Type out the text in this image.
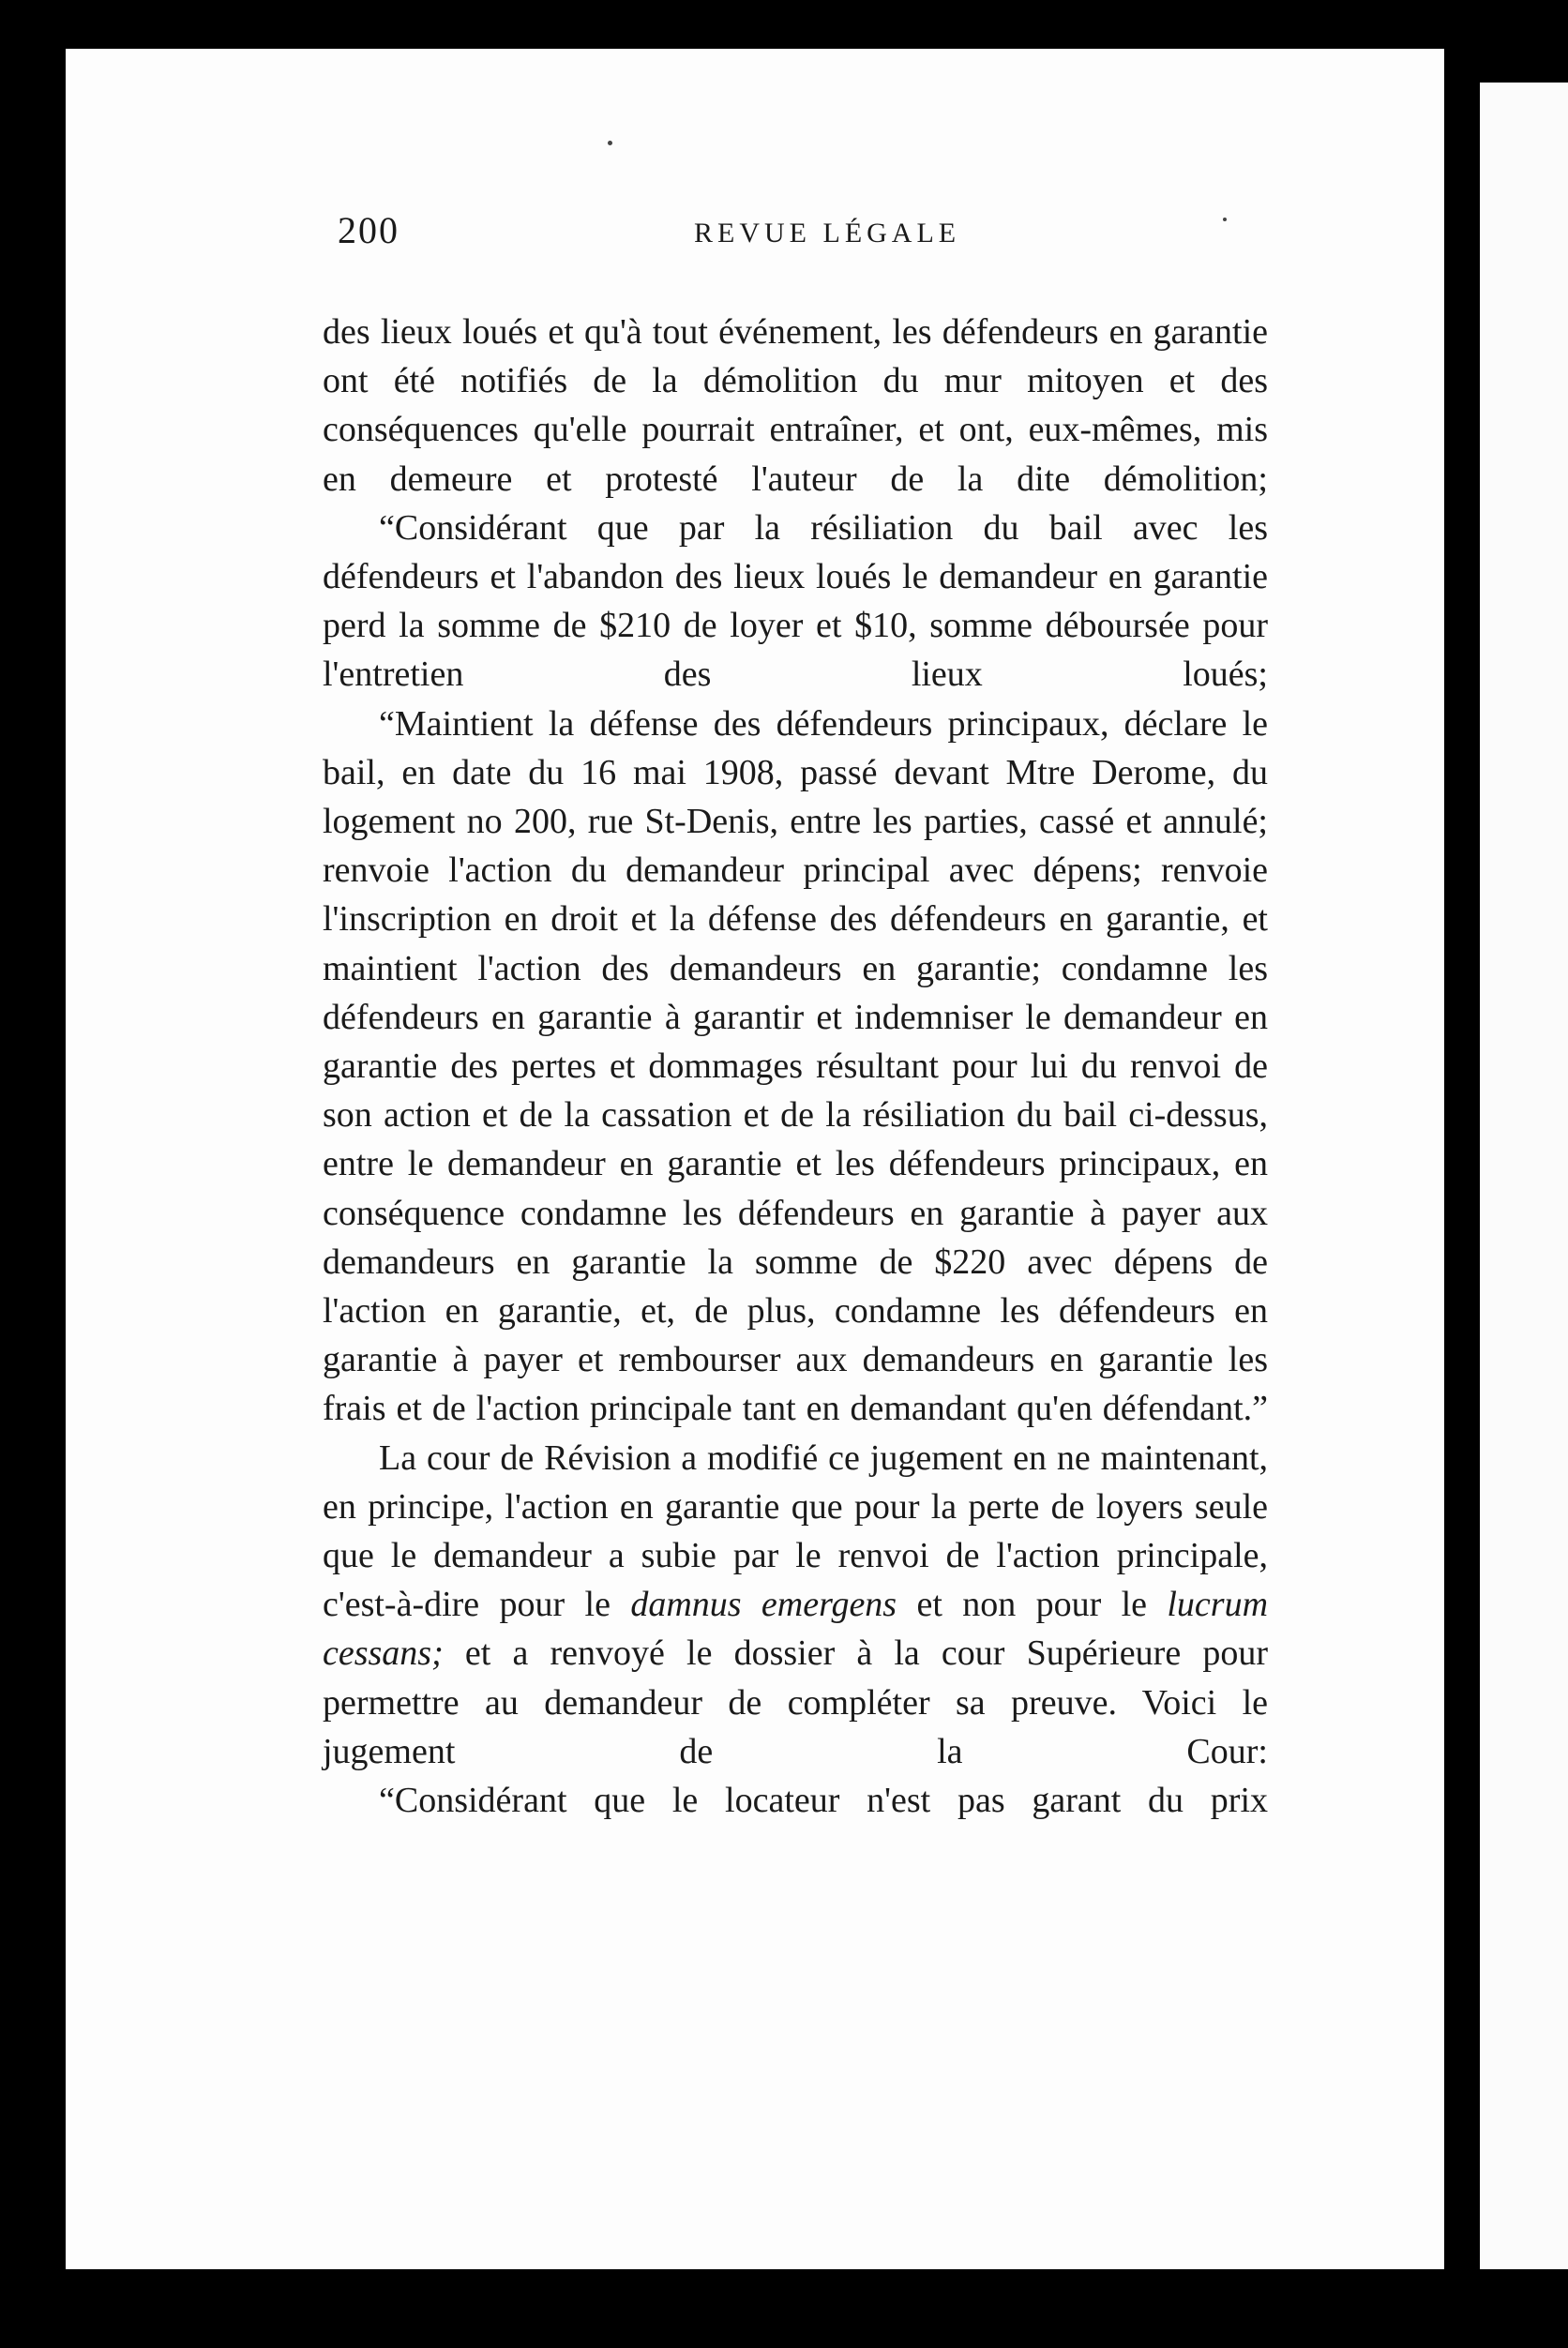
200	REVUE LÉGALE

des lieux loués et qu'à tout événement, les défendeurs en garantie ont été notifiés de la démolition du mur mitoyen et des conséquences qu'elle pourrait entraîner, et ont, eux-mêmes, mis en demeure et protesté l'auteur de la dite démolition;

“Considérant que par la résiliation du bail avec les défendeurs et l'abandon des lieux loués le demandeur en garantie perd la somme de $210 de loyer et $10, somme déboursée pour l'entretien des lieux loués;

“Maintient la défense des défendeurs principaux, déclare le bail, en date du 16 mai 1908, passé devant Mtre Derome, du logement no 200, rue St-Denis, entre les parties, cassé et annulé; renvoie l'action du demandeur principal avec dépens; renvoie l'inscription en droit et la défense des défendeurs en garantie, et maintient l'action des demandeurs en garantie; condamne les défendeurs en garantie à garantir et indemniser le demandeur en garantie des pertes et dommages résultant pour lui du renvoi de son action et de la cassation et de la résiliation du bail ci-dessus, entre le demandeur en garantie et les défendeurs principaux, en conséquence condamne les défendeurs en garantie à payer aux demandeurs en garantie la somme de $220 avec dépens de l'action en garantie, et, de plus, condamne les défendeurs en garantie à payer et rembourser aux demandeurs en garantie les frais et de l'action principale tant en demandant qu'en défendant.”

La cour de Révision a modifié ce jugement en ne maintenant, en principe, l'action en garantie que pour la perte de loyers seule que le demandeur a subie par le renvoi de l'action principale, c'est-à-dire pour le damnus emergens et non pour le lucrum cessans; et a renvoyé le dossier à la cour Supérieure pour permettre au demandeur de compléter sa preuve. Voici le jugement de la Cour:

“Considérant que le locateur n'est pas garant du prix
